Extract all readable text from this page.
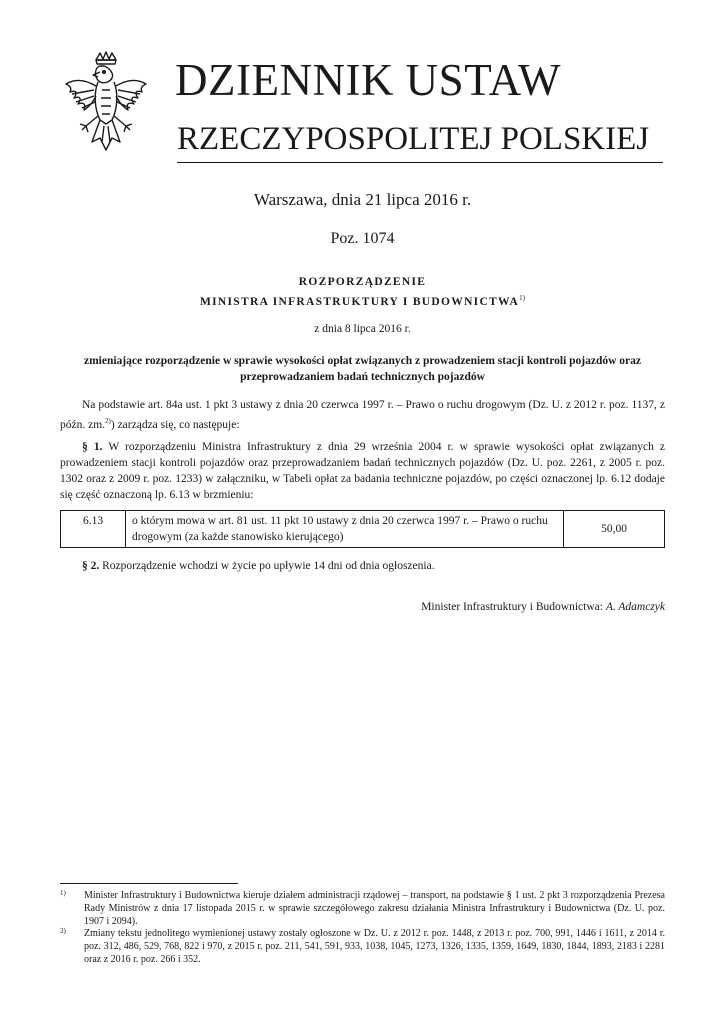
DZIENNIK USTAW
RZECZYPOSPOLITEJ POLSKIEJ
Warszawa, dnia 21 lipca 2016 r.
Poz. 1074
ROZPORZĄDZENIE
MINISTRA INFRASTRUKTURY I BUDOWNICTWA$^{1)}$
z dnia 8 lipca 2016 r.
zmieniające rozporządzenie w sprawie wysokości opłat związanych z prowadzeniem stacji kontroli pojazdów oraz przeprowadzaniem badań technicznych pojazdów
Na podstawie art. 84a ust. 1 pkt 3 ustawy z dnia 20 czerwca 1997 r. – Prawo o ruchu drogowym (Dz. U. z 2012 r. poz. 1137, z późn. zm.$^{2)}$) zarządza się, co następuje:
§ 1. W rozporządzeniu Ministra Infrastruktury z dnia 29 września 2004 r. w sprawie wysokości opłat związanych z prowadzeniem stacji kontroli pojazdów oraz przeprowadzaniem badań technicznych pojazdów (Dz. U. poz. 2261, z 2005 r. poz. 1302 oraz z 2009 r. poz. 1233) w załączniku, w Tabeli opłat za badania techniczne pojazdów, po części oznaczonej lp. 6.12 dodaje się część oznaczoną lp. 6.13 w brzmieniu:
6.13	o którym mowa w art. 81 ust. 11 pkt 10 ustawy z dnia 20 czerwca 1997 r. – Prawo o ruchu drogowym (za każde stanowisko kierującego)	50,00
§ 2. Rozporządzenie wchodzi w życie po upływie 14 dni od dnia ogłoszenia.
Minister Infrastruktury i Budownictwa: A. Adamczyk
1) Minister Infrastruktury i Budownictwa kieruje działem administracji rządowej – transport, na podstawie § 1 ust. 2 pkt 3 rozporządzenia Prezesa Rady Ministrów z dnia 17 listopada 2015 r. w sprawie szczegółowego zakresu działania Ministra Infrastruktury i Budownictwa (Dz. U. poz. 1907 i 2094).
2) Zmiany tekstu jednolitego wymienionej ustawy zostały ogłoszone w Dz. U. z 2012 r. poz. 1448, z 2013 r. poz. 700, 991, 1446 i 1611, z 2014 r. poz. 312, 486, 529, 768, 822 i 970, z 2015 r. poz. 211, 541, 591, 933, 1038, 1045, 1273, 1326, 1335, 1359, 1649, 1830, 1844, 1893, 2183 i 2281 oraz z 2016 r. poz. 266 i 352.
